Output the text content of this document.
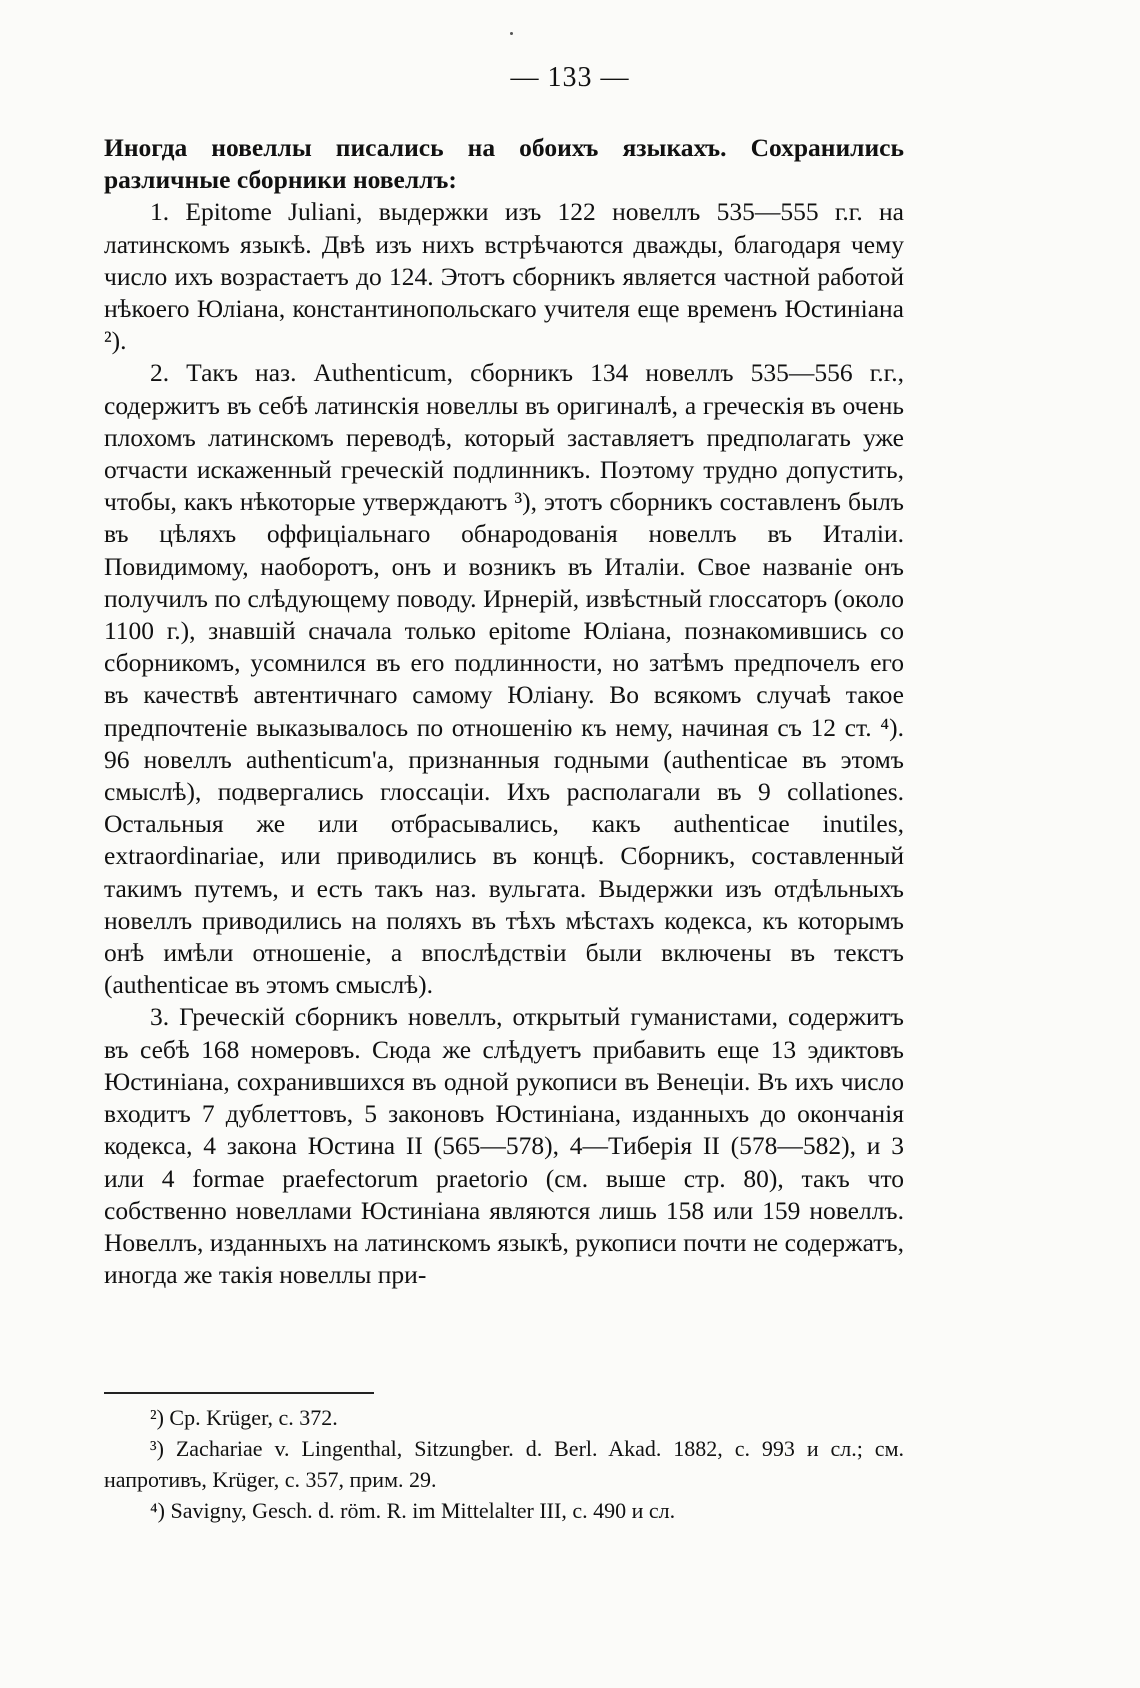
— 133 —

Иногда новеллы писались на обоихъ языкахъ. Сохранились различные сборники новеллъ:

1. Epitome Juliani, выдержки изъ 122 новеллъ 535—555 г.г. на латинскомъ языкѣ. Двѣ изъ нихъ встрѣчаются дважды, благодаря чему число ихъ возрастаетъ до 124. Этотъ сборникъ является частной работой нѣкоего Юліана, константинопольскаго учителя еще временъ Юстиніана ²).

2. Такъ наз. Authenticum, сборникъ 134 новеллъ 535—556 г.г., содержитъ въ себѣ латинскія новеллы въ оригиналѣ, а греческія въ очень плохомъ латинскомъ переводѣ, который заставляетъ предполагать уже отчасти искаженный греческій подлинникъ. Поэтому трудно допустить, чтобы, какъ нѣкоторые утверждаютъ ³), этотъ сборникъ составленъ былъ въ цѣляхъ оффиціальнаго обнародованія новеллъ въ Италіи. Повидимому, наоборотъ, онъ и возникъ въ Италіи. Свое названіе онъ получилъ по слѣдующему поводу. Ирнерій, извѣстный глоссаторъ (около 1100 г.), знавшій сначала только epitome Юліана, познакомившись со сборникомъ, усомнился въ его подлинности, но затѣмъ предпочелъ его въ качествѣ автентичнаго самому Юліану. Во всякомъ случаѣ такое предпочтеніе выказывалось по отношенію къ нему, начиная съ 12 ст. ⁴). 96 новеллъ authenticum'a, признанныя годными (authenticae въ этомъ смыслѣ), подвергались глоссаціи. Ихъ располагали въ 9 collationes. Остальныя же или отбрасывались, какъ authenticae inutiles, extraordinariae, или приводились въ концѣ. Сборникъ, составленный такимъ путемъ, и есть такъ наз. вульгата. Выдержки изъ отдѣльныхъ новеллъ приводились на поляхъ въ тѣхъ мѣстахъ кодекса, къ которымъ онѣ имѣли отношеніе, а впослѣдствіи были включены въ текстъ (authenticae въ этомъ смыслѣ).

3. Греческій сборникъ новеллъ, открытый гуманистами, содержитъ въ себѣ 168 номеровъ. Сюда же слѣдуетъ прибавить еще 13 эдиктовъ Юстиніана, сохранившихся въ одной рукописи въ Венеціи. Въ ихъ число входитъ 7 дублеттовъ, 5 законовъ Юстиніана, изданныхъ до окончанія кодекса, 4 закона Юстина II (565—578), 4—Тиберія II (578—582), и 3 или 4 formae praefectorum praetorio (см. выше стр. 80), такъ что собственно новеллами Юстиніана являются лишь 158 или 159 новеллъ. Новеллъ, изданныхъ на латинскомъ языкѣ, рукописи почти не содержатъ, иногда же такія новеллы при-

²) Cp. Krüger, c. 372.

³) Zachariae v. Lingenthal, Sitzungber. d. Berl. Akad. 1882, c. 993 и сл.; см. напротивъ, Krüger, c. 357, прим. 29.

⁴) Savigny, Gesch. d. röm. R. im Mittelalter III, c. 490 и сл.
